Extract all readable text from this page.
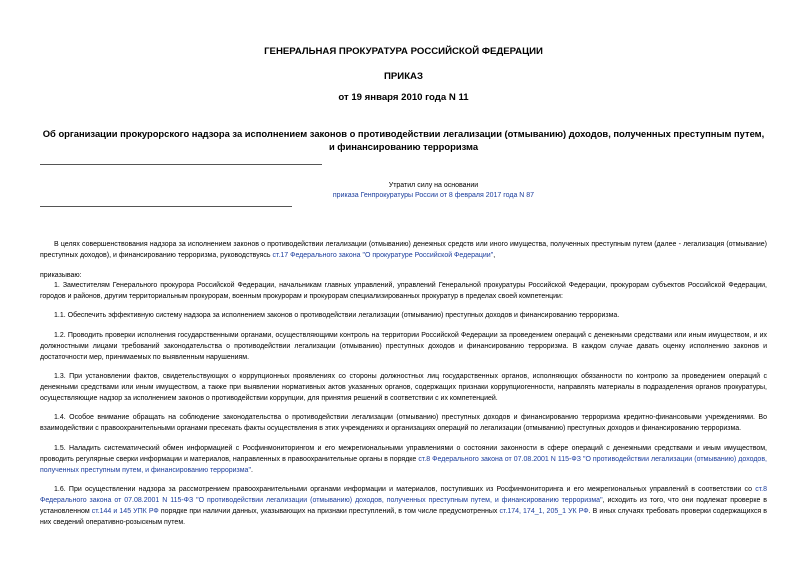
ГЕНЕРАЛЬНАЯ ПРОКУРАТУРА РОССИЙСКОЙ ФЕДЕРАЦИИ
ПРИКАЗ
от 19 января 2010 года N 11
Об организации прокурорского надзора за исполнением законов о противодействии легализации (отмыванию) доходов, полученных преступным путем, и финансированию терроризма
Утратил силу на основании
приказа Генпрокуратуры России от 8 февраля 2017 года N 87
В целях совершенствования надзора за исполнением законов о противодействии легализации (отмыванию) денежных средств или иного имущества, полученных преступным путем (далее - легализация (отмывание) преступных доходов), и финансированию терроризма, руководствуясь ст.17 Федерального закона "О прокуратуре Российской Федерации",
приказываю:
1. Заместителям Генерального прокурора Российской Федерации, начальникам главных управлений, управлений Генеральной прокуратуры Российской Федерации, прокурорам субъектов Российской Федерации, городов и районов, другим территориальным прокурорам, военным прокурорам и прокурорам специализированных прокуратур в пределах своей компетенции:
1.1. Обеспечить эффективную систему надзора за исполнением законов о противодействии легализации (отмыванию) преступных доходов и финансированию терроризма.
1.2. Проводить проверки исполнения государственными органами, осуществляющими контроль на территории Российской Федерации за проведением операций с денежными средствами или иным имуществом, и их должностными лицами требований законодательства о противодействии легализации (отмыванию) преступных доходов и финансированию терроризма. В каждом случае давать оценку исполнению законов и достаточности мер, принимаемых по выявленным нарушениям.
1.3. При установлении фактов, свидетельствующих о коррупционных проявлениях со стороны должностных лиц государственных органов, исполняющих обязанности по контролю за проведением операций с денежными средствами или иным имуществом, а также при выявлении нормативных актов указанных органов, содержащих признаки коррупциогенности, направлять материалы в подразделения органов прокуратуры, осуществляющие надзор за исполнением законов о противодействии коррупции, для принятия решений в соответствии с их компетенцией.
1.4. Особое внимание обращать на соблюдение законодательства о противодействии легализации (отмыванию) преступных доходов и финансированию терроризма кредитно-финансовыми учреждениями. Во взаимодействии с правоохранительными органами пресекать факты осуществления в этих учреждениях и организациях операций по легализации (отмыванию) преступных доходов и финансированию терроризма.
1.5. Наладить систематический обмен информацией с Росфинмониторингом и его межрегиональными управлениями о состоянии законности в сфере операций с денежными средствами и иным имуществом, проводить регулярные сверки информации и материалов, направленных в правоохранительные органы в порядке ст.8 Федерального закона от 07.08.2001 N 115-ФЗ "О противодействии легализации (отмыванию) доходов, полученных преступным путем, и финансированию терроризма".
1.6. При осуществлении надзора за рассмотрением правоохранительными органами информации и материалов, поступивших из Росфинмониторинга и его межрегиональных управлений в соответствии со ст.8 Федерального закона от 07.08.2001 N 115-ФЗ "О противодействии легализации (отмыванию) доходов, полученных преступным путем, и финансированию терроризма", исходить из того, что они подлежат проверке в установленном ст.144 и 145 УПК РФ порядке при наличии данных, указывающих на признаки преступлений, в том числе предусмотренных ст.174, 174_1, 205_1 УК РФ. В иных случаях требовать проверки содержащихся в них сведений оперативно-розыскным путем.
